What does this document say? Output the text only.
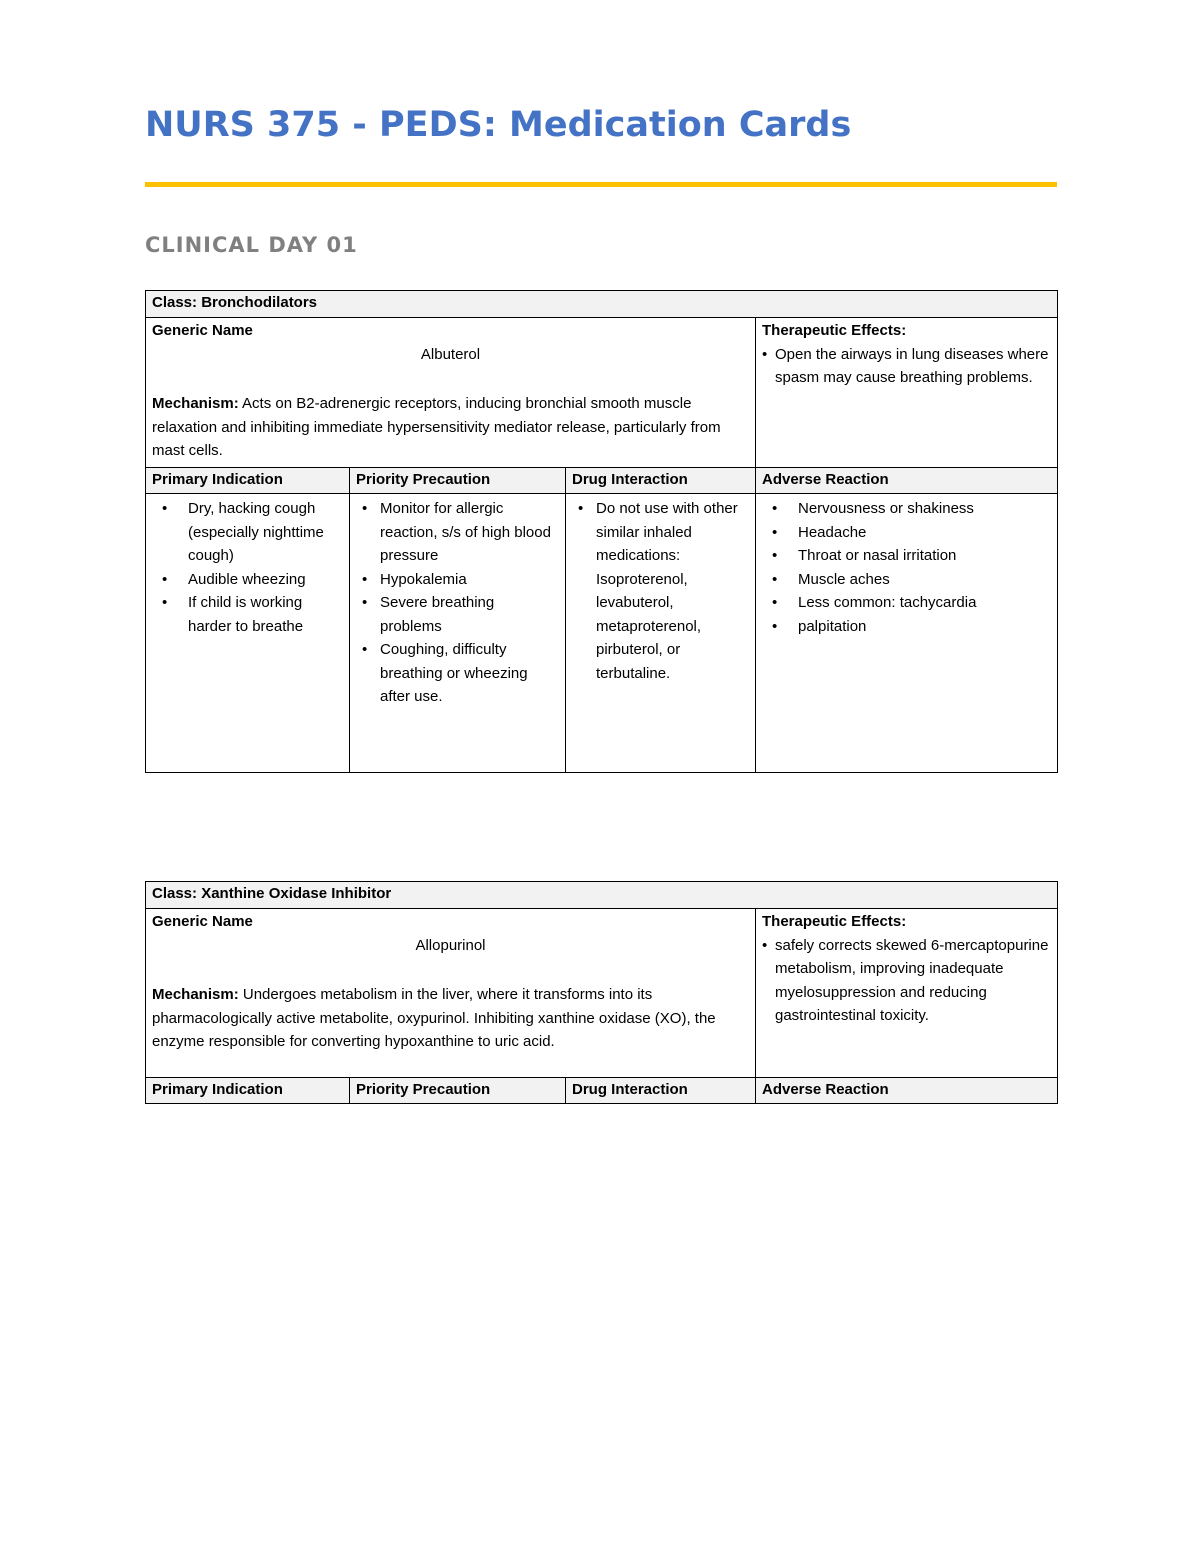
NURS 375 - PEDS: Medication Cards
CLINICAL DAY 01
Class: Bronchodilators			

Generic Name
Albuterol
Mechanism: Acts on B2-adrenergic receptors, inducing bronchial smooth muscle relaxation and inhibiting immediate hypersensitivity mediator release, particularly from mast cells.

Therapeutic Effects:
• Open the airways in lung diseases where spasm may cause breathing problems.

Primary Indication	Priority Precaution	Drug Interaction	Adverse Reaction

•	Dry, hacking cough (especially nighttime cough)
•	Audible wheezing
•	If child is working harder to breathe

• Monitor for allergic reaction, s/s of high blood pressure
• Hypokalemia
• Severe breathing problems
• Coughing, difficulty breathing or wheezing after use.

• Do not use with other similar inhaled medications: Isoproterenol, levabuterol, metaproterenol, pirbuterol, or terbutaline.

•	Nervousness or shakiness
•	Headache
•	Throat or nasal irritation
•	Muscle aches
•	Less common: tachycardia
•	palpitation
Class: Xanthine Oxidase Inhibitor			

Generic Name
Allopurinol
Mechanism: Undergoes metabolism in the liver, where it transforms into its pharmacologically active metabolite, oxypurinol. Inhibiting xanthine oxidase (XO), the enzyme responsible for converting hypoxanthine to uric acid.

Therapeutic Effects:
• safely corrects skewed 6-mercaptopurine metabolism, improving inadequate myelosuppression and reducing gastrointestinal toxicity.

Primary Indication	Priority Precaution	Drug Interaction	Adverse Reaction
